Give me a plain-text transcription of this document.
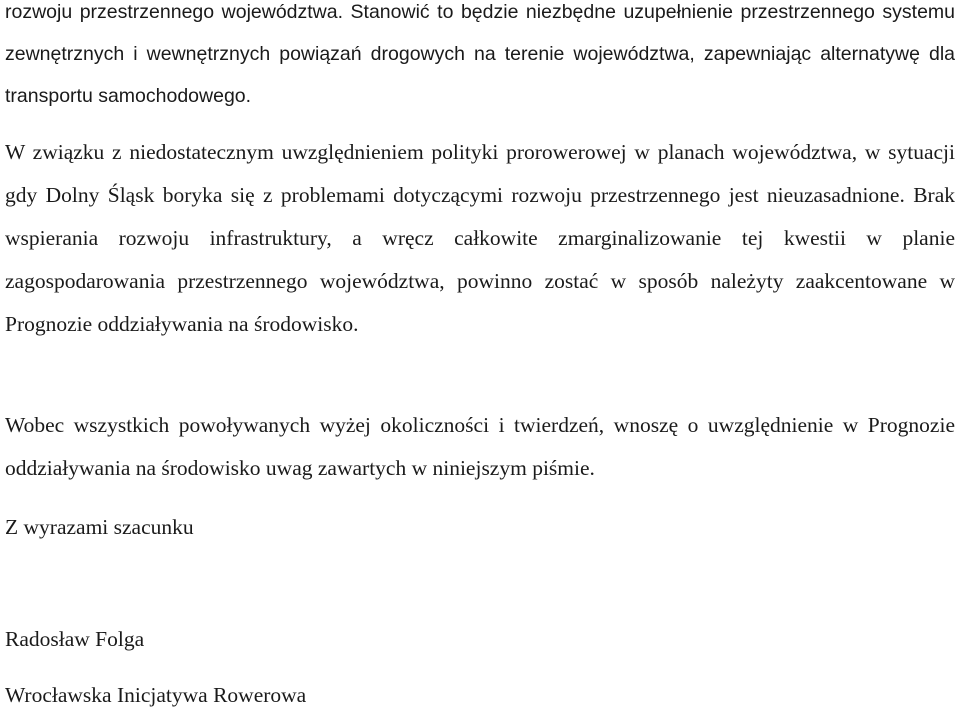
rozwoju przestrzennego województwa. Stanowić to będzie niezbędne uzupełnienie przestrzennego systemu zewnętrznych i wewnętrznych powiązań drogowych na terenie województwa, zapewniając alternatywę dla transportu samochodowego.

W związku z niedostatecznym uwzględnieniem polityki prorowerowej w planach województwa, w sytuacji gdy Dolny Śląsk boryka się z problemami dotyczącymi rozwoju przestrzennego jest nieuzasadnione. Brak wspierania rozwoju infrastruktury, a wręcz całkowite zmarginalizowanie tej kwestii w planie zagospodarowania przestrzennego województwa, powinno zostać w sposób należyty zaakcentowane w Prognozie oddziaływania na środowisko.

Wobec wszystkich powoływanych wyżej okoliczności i twierdzeń, wnoszę o uwzględnienie w Prognozie oddziaływania na środowisko uwag zawartych w niniejszym piśmie.

Z wyrazami szacunku

Radosław Folga

Wrocławska Inicjatywa Rowerowa
